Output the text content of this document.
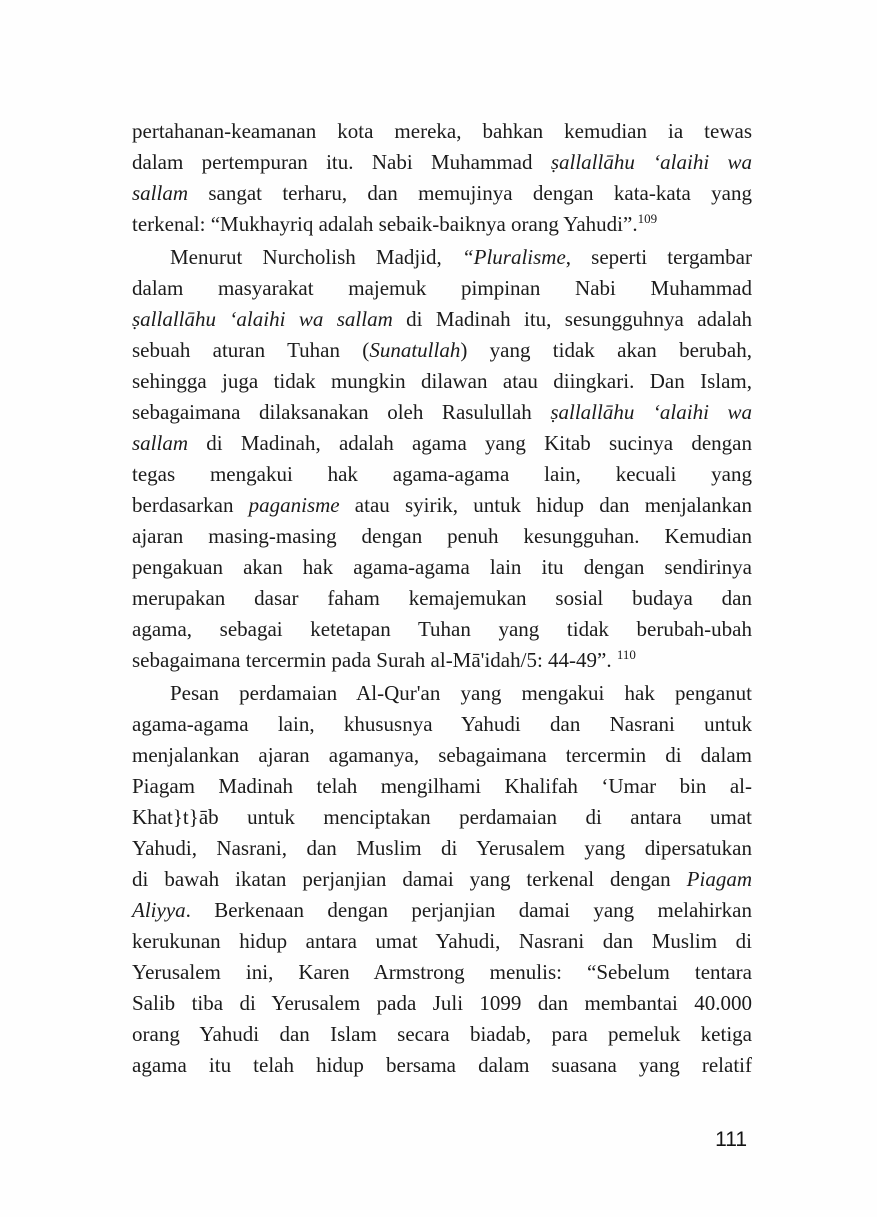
pertahanan-keamanan kota mereka, bahkan kemudian ia tewas
dalam pertempuran itu. Nabi Muhammad ṣallallāhu ‘alaihi wa
sallam sangat terharu, dan memujinya dengan kata-kata yang
terkenal: “Mukhayriq adalah sebaik-baiknya orang Yahudi”.$^{109}$
Menurut Nurcholish Madjid, “Pluralisme, seperti tergambar
dalam masyarakat majemuk pimpinan Nabi Muhammad
ṣallallāhu ‘alaihi wa sallam di Madinah itu, sesungguhnya adalah
sebuah aturan Tuhan (Sunatullah) yang tidak akan berubah,
sehingga juga tidak mungkin dilawan atau diingkari. Dan Islam,
sebagaimana dilaksanakan oleh Rasulullah ṣallallāhu ‘alaihi wa
sallam di Madinah, adalah agama yang Kitab sucinya dengan
tegas mengakui hak agama-agama lain, kecuali yang
berdasarkan paganisme atau syirik, untuk hidup dan menjalankan
ajaran masing-masing dengan penuh kesungguhan. Kemudian
pengakuan akan hak agama-agama lain itu dengan sendirinya
merupakan dasar faham kemajemukan sosial budaya dan
agama, sebagai ketetapan Tuhan yang tidak berubah-ubah
sebagaimana tercermin pada Surah al-Mā'idah/5: 44-49”. $^{110}$
Pesan perdamaian Al-Qur'an yang mengakui hak penganut
agama-agama lain, khususnya Yahudi dan Nasrani untuk
menjalankan ajaran agamanya, sebagaimana tercermin di dalam
Piagam Madinah telah mengilhami Khalifah ‘Umar bin al-
Khat}t}āb untuk menciptakan perdamaian di antara umat
Yahudi, Nasrani, dan Muslim di Yerusalem yang dipersatukan
di bawah ikatan perjanjian damai yang terkenal dengan Piagam
Aliyya. Berkenaan dengan perjanjian damai yang melahirkan
kerukunan hidup antara umat Yahudi, Nasrani dan Muslim di
Yerusalem ini, Karen Armstrong menulis: “Sebelum tentara
Salib tiba di Yerusalem pada Juli 1099 dan membantai 40.000
orang Yahudi dan Islam secara biadab, para pemeluk ketiga
agama itu telah hidup bersama dalam suasana yang relatif
111
